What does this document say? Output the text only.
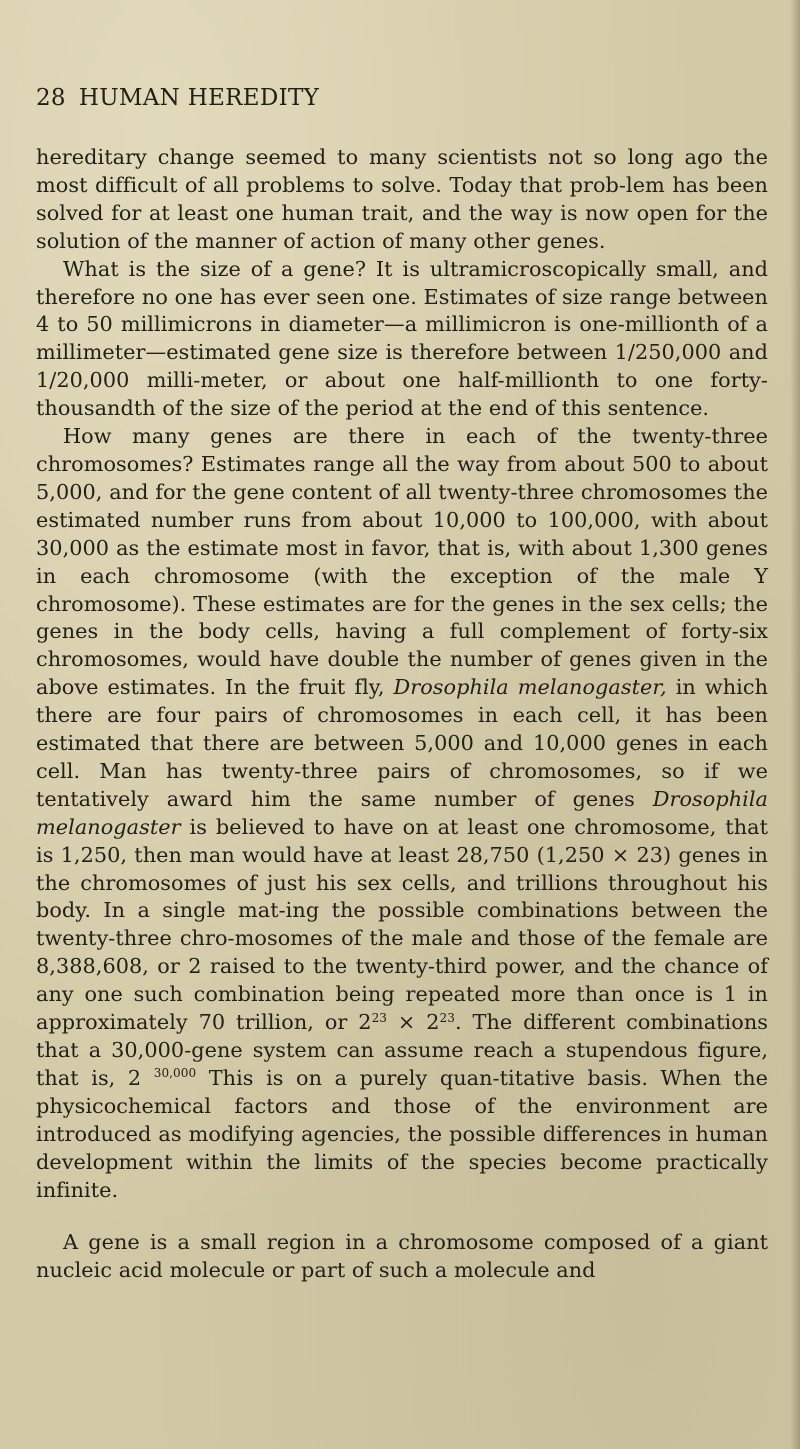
28 HUMAN HEREDITY

hereditary change seemed to many scientists not so long ago the most difficult of all problems to solve. Today that prob-lem has been solved for at least one human trait, and the way is now open for the solution of the manner of action of many other genes.

What is the size of a gene? It is ultramicroscopically small, and therefore no one has ever seen one. Estimates of size range between 4 to 50 millimicrons in diameter—a millimicron is one-millionth of a millimeter—estimated gene size is therefore between 1/250,000 and 1/20,000 milli-meter, or about one half-millionth to one forty-thousandth of the size of the period at the end of this sentence.

How many genes are there in each of the twenty-three chromosomes? Estimates range all the way from about 500 to about 5,000, and for the gene content of all twenty-three chromosomes the estimated number runs from about 10,000 to 100,000, with about 30,000 as the estimate most in favor, that is, with about 1,300 genes in each chromosome (with the exception of the male Y chromosome). These estimates are for the genes in the sex cells; the genes in the body cells, having a full complement of forty-six chromosomes, would have double the number of genes given in the above estimates. In the fruit fly, Drosophila melanogaster, in which there are four pairs of chromosomes in each cell, it has been estimated that there are between 5,000 and 10,000 genes in each cell. Man has twenty-three pairs of chromosomes, so if we tentatively award him the same number of genes Drosophila melanogaster is believed to have on at least one chromosome, that is 1,250, then man would have at least 28,750 (1,250 × 23) genes in the chromosomes of just his sex cells, and trillions throughout his body. In a single mat-ing the possible combinations between the twenty-three chro-mosomes of the male and those of the female are 8,388,608, or 2 raised to the twenty-third power, and the chance of any one such combination being repeated more than once is 1 in approximately 70 trillion, or $2^{23} \times 2^{23}$. The different combinations that a 30,000-gene system can assume reach a stupendous figure, that is, 2 $^{30,000}$ This is on a purely quan-titative basis. When the physicochemical factors and those of the environment are introduced as modifying agencies, the possible differences in human development within the limits of the species become practically infinite.

A gene is a small region in a chromosome composed of a giant nucleic acid molecule or part of such a molecule and
